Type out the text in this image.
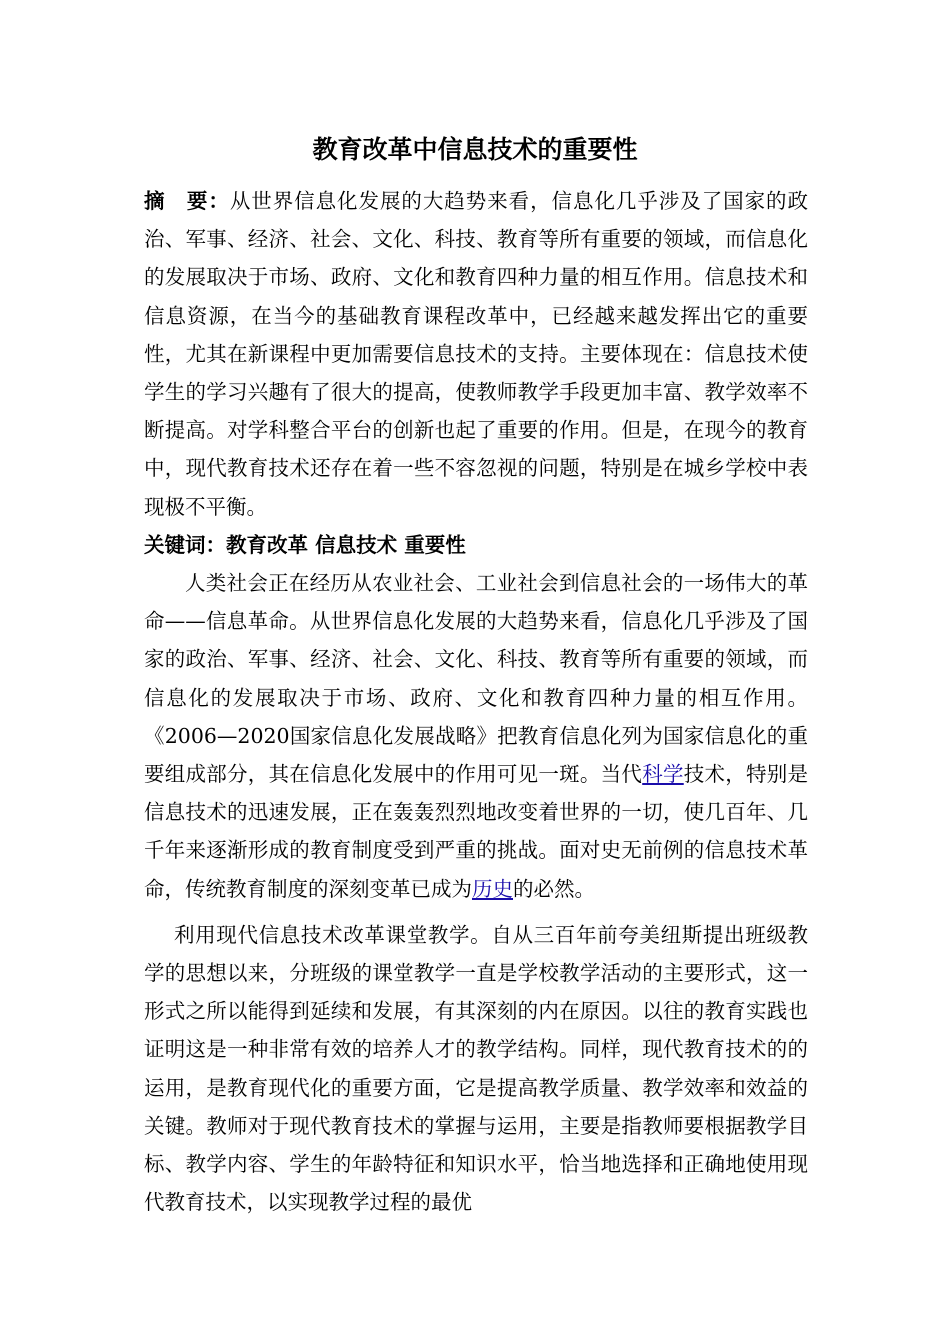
教育改革中信息技术的重要性

摘　要：从世界信息化发展的大趋势来看，信息化几乎涉及了国家的政治、军事、经济、社会、文化、科技、教育等所有重要的领域，而信息化的发展取决于市场、政府、文化和教育四种力量的相互作用。信息技术和信息资源，在当今的基础教育课程改革中，已经越来越发挥出它的重要性，尤其在新课程中更加需要信息技术的支持。主要体现在：信息技术使学生的学习兴趣有了很大的提高，使教师教学手段更加丰富、教学效率不断提高。对学科整合平台的创新也起了重要的作用。但是，在现今的教育中，现代教育技术还存在着一些不容忽视的问题，特别是在城乡学校中表现极不平衡。

关键词：教育改革 信息技术 重要性

人类社会正在经历从农业社会、工业社会到信息社会的一场伟大的革命——信息革命。从世界信息化发展的大趋势来看，信息化几乎涉及了国家的政治、军事、经济、社会、文化、科技、教育等所有重要的领域，而信息化的发展取决于市场、政府、文化和教育四种力量的相互作用。《2006—2020国家信息化发展战略》把教育信息化列为国家信息化的重要组成部分，其在信息化发展中的作用可见一斑。当代科学技术，特别是信息技术的迅速发展，正在轰轰烈烈地改变着世界的一切，使几百年、几千年来逐渐形成的教育制度受到严重的挑战。面对史无前例的信息技术革命，传统教育制度的深刻变革已成为历史的必然。

利用现代信息技术改革课堂教学。自从三百年前夸美纽斯提出班级教学的思想以来，分班级的课堂教学一直是学校教学活动的主要形式，这一形式之所以能得到延续和发展，有其深刻的内在原因。以往的教育实践也证明这是一种非常有效的培养人才的教学结构。同样，现代教育技术的的运用，是教育现代化的重要方面，它是提高教学质量、教学效率和效益的关键。教师对于现代教育技术的掌握与运用，主要是指教师要根据教学目标、教学内容、学生的年龄特征和知识水平，恰当地选择和正确地使用现代教育技术，以实现教学过程的最优
